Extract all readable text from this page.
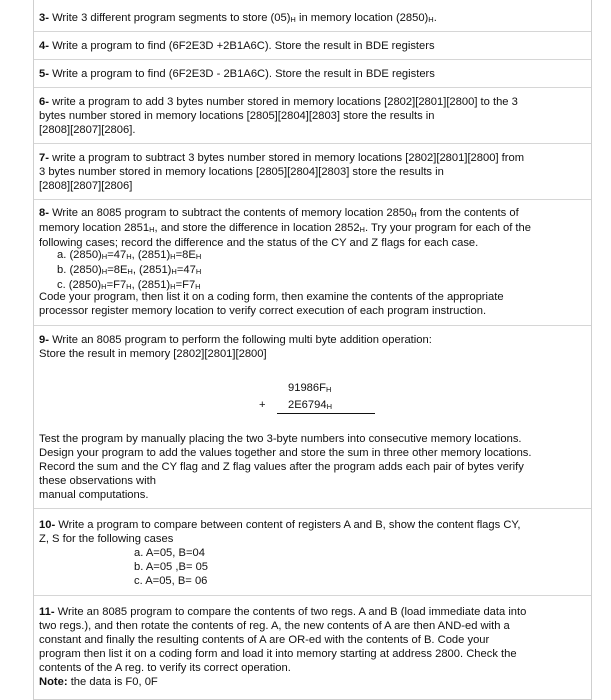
3- Write 3 different program segments to store (05)H in memory location (2850)H.
4- Write a program to find (6F2E3D +2B1A6C). Store the result in BDE registers
5- Write a program to find (6F2E3D - 2B1A6C). Store the result in BDE registers
6- write a program to add 3 bytes number stored in memory locations [2802][2801][2800] to the 3
bytes number stored in memory locations [2805][2804][2803] store the results in
[2808][2807][2806].
7- write a program to subtract 3 bytes number stored in memory locations [2802][2801][2800] from
3 bytes number stored in memory locations [2805][2804][2803] store the results in
[2808][2807][2806]
8- Write an 8085 program to subtract the contents of memory location 2850H from the contents of
memory location 2851H, and store the difference in location 2852H. Try your program for each of the
following cases; record the difference and the status of the CY and Z flags for each case.
a. (2850)H=47H, (2851)H=8EH
b. (2850)H=8EH, (2851)H=47H
c. (2850)H=F7H, (2851)H=F7H
Code your program, then list it on a coding form, then examine the contents of the appropriate
processor register memory location to verify correct execution of each program instruction.
9- Write an 8085 program to perform the following multi byte addition operation:
Store the result in memory [2802][2801][2800]
91986FH
+ 2E6794H
Test the program by manually placing the two 3-byte numbers into consecutive memory locations.
Design your program to add the values together and store the sum in three other memory locations.
Record the sum and the CY flag and Z flag values after the program adds each pair of bytes verify
these observations with
manual computations.
10- Write a program to compare between content of registers A and B, show the content flags CY,
Z, S for the following cases
a. A=05, B=04
b. A=05 ,B= 05
c. A=05, B= 06
11- Write an 8085 program to compare the contents of two regs. A and B (load immediate data into
two regs.), and then rotate the contents of reg. A, the new contents of A are then AND-ed with a
constant and finally the resulting contents of A are OR-ed with the contents of B. Code your
program then list it on a coding form and load it into memory starting at address 2800. Check the
contents of the A reg. to verify its correct operation.
Note: the data is F0, 0F
